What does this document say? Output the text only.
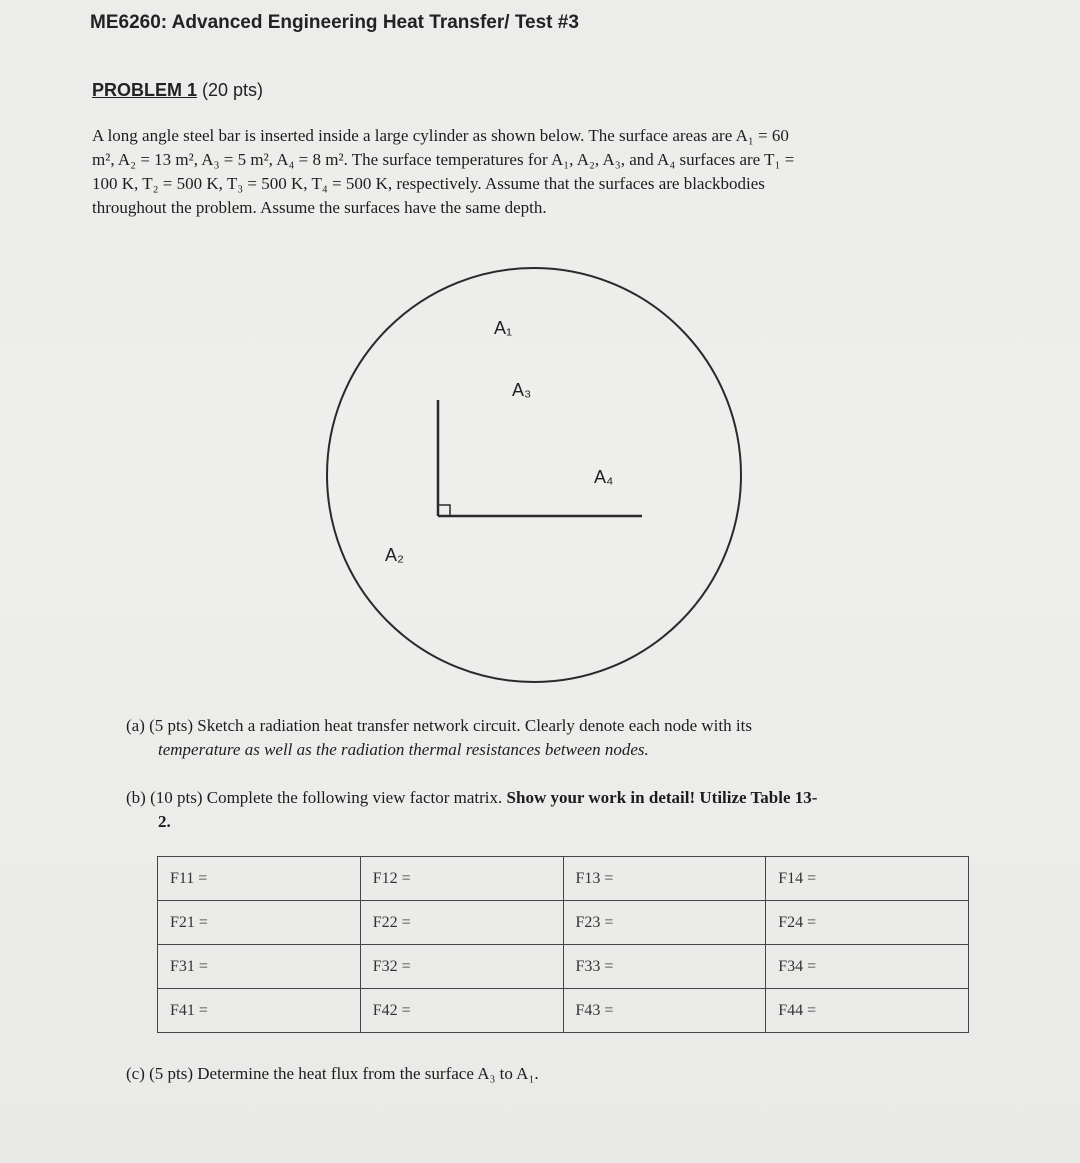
ME6260: Advanced Engineering Heat Transfer/ Test #3
PROBLEM 1 (20 pts)

A long angle steel bar is inserted inside a large cylinder as shown below. The surface areas are A₁ = 60

m², A₂ = 13 m², A₃ = 5 m², A₄ = 8 m². The surface temperatures for A₁, A₂, A₃, and A₄ surfaces are T₁ =

100 K, T₂ = 500 K, T₃ = 500 K, T₄ = 500 K, respectively. Assume that the surfaces are blackbodies

throughout the problem. Assume the surfaces have the same depth.

A₁
A₃
A₄
A₂
(a) (5 pts) Sketch a radiation heat transfer network circuit. Clearly denote each node with its
temperature as well as the radiation thermal resistances between nodes.
(b) (10 pts) Complete the following view factor matrix. Show your work in detail! Utilize Table 13-
2.
F11 =	F12 =	F13 =	F14 =
F21 =	F22 =	F23 =	F24 =
F31 =	F32 =	F33 =	F34 =
F41 =	F42 =	F43 =	F44 =
(c) (5 pts) Determine the heat flux from the surface A₃ to A₁.
